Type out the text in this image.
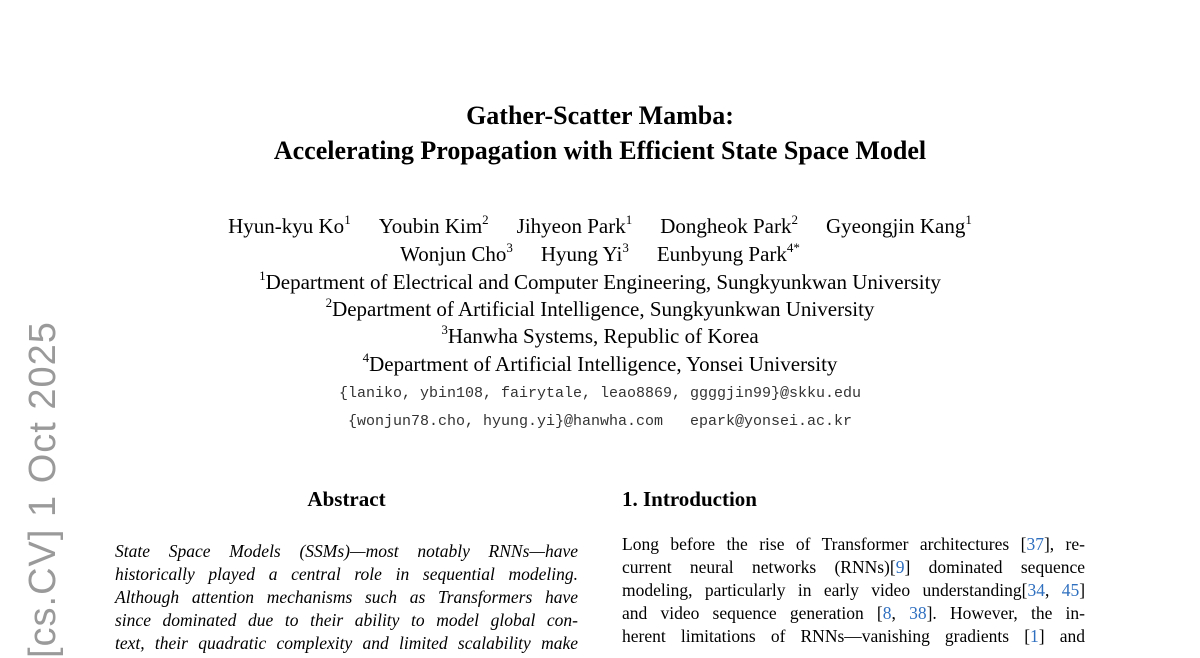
[cs.CV] 1 Oct 2025
Gather-Scatter Mamba:
Accelerating Propagation with Efficient State Space Model
Hyun-kyu Ko$^1$ Youbin Kim$^2$ Jihyeon Park$^1$ Dongheok Park$^2$ Gyeongjin Kang$^1$
Wonjun Cho$^3$ Hyung Yi$^3$ Eunbyung Park$^{4*}$
$^1$Department of Electrical and Computer Engineering, Sungkyunkwan University
$^2$Department of Artificial Intelligence, Sungkyunkwan University
$^3$Hanwha Systems, Republic of Korea
$^4$Department of Artificial Intelligence, Yonsei University
{laniko, ybin108, fairytale, leao8869, ggggjin99}@skku.edu
{wonjun78.cho, hyung.yi}@hanwha.com   epark@yonsei.ac.kr
Abstract	1. Introduction
State Space Models (SSMs)—most notably RNNs—have
historically played a central role in sequential modeling.
Although attention mechanisms such as Transformers have
since dominated due to their ability to model global con-
text, their quadratic complexity and limited scalability make
Long before the rise of Transformer architectures [37], re-
current neural networks (RNNs)[9] dominated sequence
modeling, particularly in early video understanding[34, 45]
and video sequence generation [8, 38]. However, the in-
herent limitations of RNNs—vanishing gradients [1] and
